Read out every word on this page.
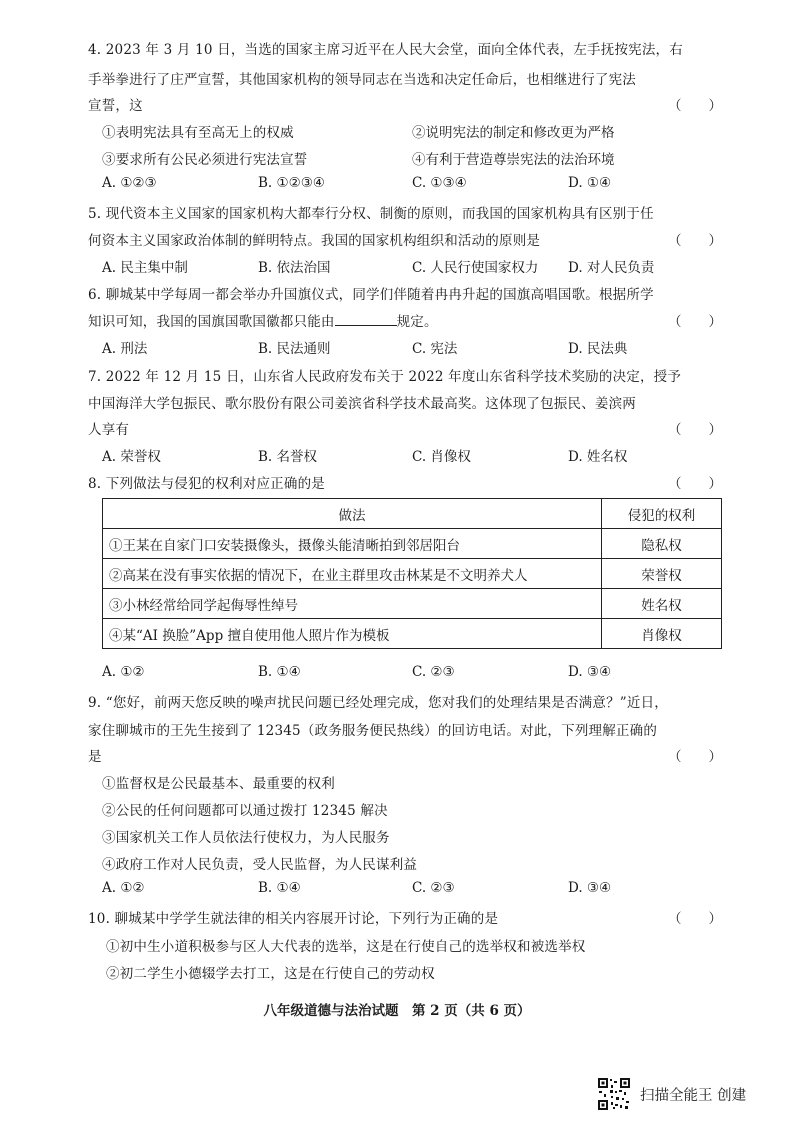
4. 2023 年 3 月 10 日，当选的国家主席习近平在人民大会堂，面向全体代表，左手抚按宪法，右
手举拳进行了庄严宣誓，其他国家机构的领导同志在当选和决定任命后，也相继进行了宪法
宣誓，这	（　　）
①表明宪法具有至高无上的权威	②说明宪法的制定和修改更为严格
③要求所有公民必须进行宪法宣誓	④有利于营造尊崇宪法的法治环境
A. ①②③	B. ①②③④	C. ①③④	D. ①④
5. 现代资本主义国家的国家机构大都奉行分权、制衡的原则，而我国的国家机构具有区别于任
何资本主义国家政治体制的鲜明特点。我国的国家机构组织和活动的原则是	（　　）
A. 民主集中制	B. 依法治国	C. 人民行使国家权力 D. 对人民负责
6. 聊城某中学每周一都会举办升国旗仪式，同学们伴随着冉冉升起的国旗高唱国歌。根据所学
知识可知，我国的国旗国歌国徽都只能由	规定。	（　　）
A. 刑法	B. 民法通则	C. 宪法	D. 民法典
7. 2022 年 12 月 15 日，山东省人民政府发布关于 2022 年度山东省科学技术奖励的决定，授予
中国海洋大学包振民、歌尔股份有限公司姜滨省科学技术最高奖。这体现了包振民、姜滨两
人享有	（　　）
A. 荣誉权	B. 名誉权	C. 肖像权	D. 姓名权
8. 下列做法与侵犯的权利对应正确的是	（　　）
做法	侵犯的权利
①王某在自家门口安装摄像头，摄像头能清晰拍到邻居阳台	隐私权
②高某在没有事实依据的情况下，在业主群里攻击林某是不文明养犬人	荣誉权
③小林经常给同学起侮辱性绰号	姓名权
④某“AI 换脸”App 擅自使用他人照片作为模板	肖像权
A. ①②	B. ①④	C. ②③	D. ③④
9. “您好，前两天您反映的噪声扰民问题已经处理完成，您对我们的处理结果是否满意？”近日，
家住聊城市的王先生接到了 12345（政务服务便民热线）的回访电话。对此，下列理解正确的
是	（　　）
①监督权是公民最基本、最重要的权利
②公民的任何问题都可以通过拨打 12345 解决
③国家机关工作人员依法行使权力，为人民服务
④政府工作对人民负责，受人民监督，为人民谋利益
A. ①②	B. ①④	C. ②③	D. ③④
10. 聊城某中学学生就法律的相关内容展开讨论，下列行为正确的是	（　　）
①初中生小道积极参与区人大代表的选举，这是在行使自己的选举权和被选举权
②初二学生小德辍学去打工，这是在行使自己的劳动权
八年级道德与法治试题　第 2 页（共 6 页）
扫描全能王 创建
